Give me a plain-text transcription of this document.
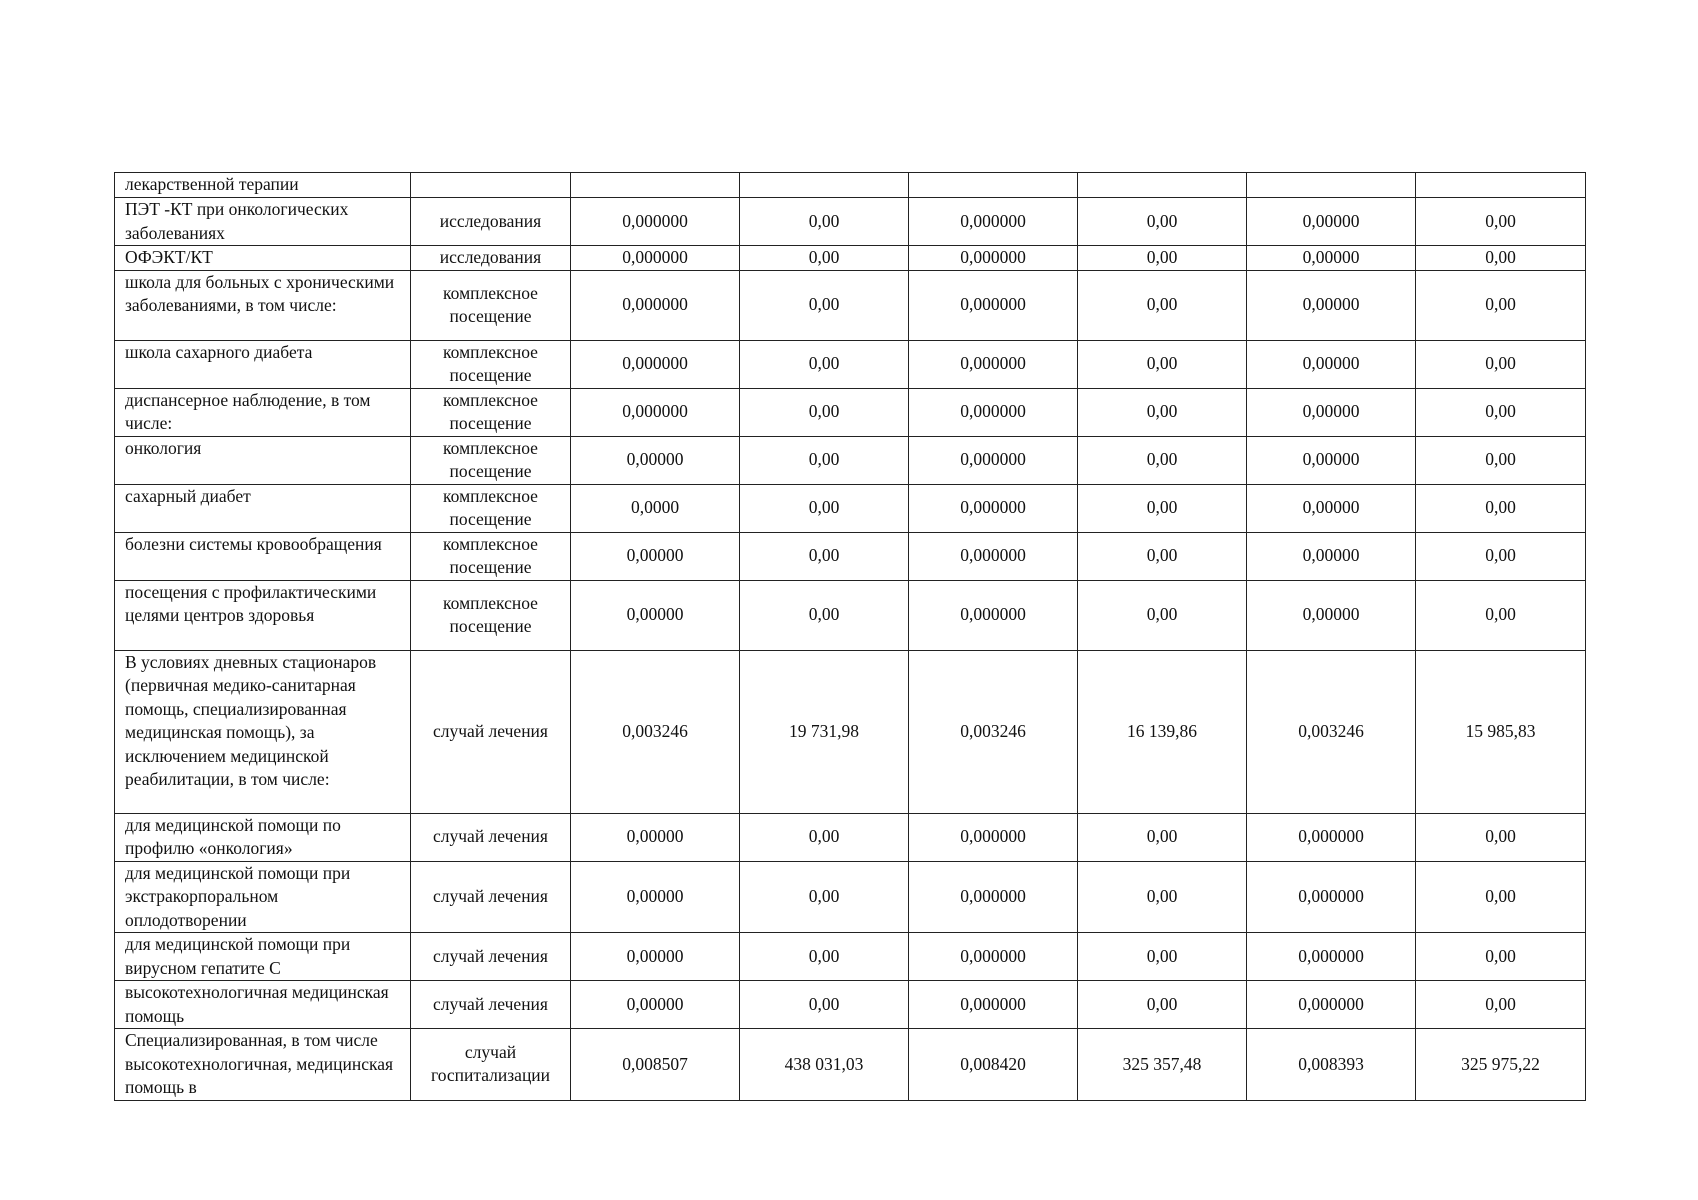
лекарственной терапии							
ПЭТ -КТ при онкологических заболеваниях	исследования	0,000000	0,00	0,000000	0,00	0,00000	0,00
ОФЭКТ/КТ	исследования	0,000000	0,00	0,000000	0,00	0,00000	0,00
школа для больных с хроническими заболеваниями, в том числе:	комплексное посещение	0,000000	0,00	0,000000	0,00	0,00000	0,00
школа сахарного диабета	комплексное посещение	0,000000	0,00	0,000000	0,00	0,00000	0,00
диспансерное наблюдение, в том числе:	комплексное посещение	0,000000	0,00	0,000000	0,00	0,00000	0,00
онкология	комплексное посещение	0,00000	0,00	0,000000	0,00	0,00000	0,00
сахарный диабет	комплексное посещение	0,0000	0,00	0,000000	0,00	0,00000	0,00
болезни системы кровообращения	комплексное посещение	0,00000	0,00	0,000000	0,00	0,00000	0,00
посещения с профилактическими целями центров здоровья	комплексное посещение	0,00000	0,00	0,000000	0,00	0,00000	0,00
В условиях дневных стационаров (первичная медико-санитарная помощь, специализированная медицинская помощь), за исключением медицинской реабилитации, в том числе:	случай лечения	0,003246	19 731,98	0,003246	16 139,86	0,003246	15 985,83
для медицинской помощи по профилю «онкология»	случай лечения	0,00000	0,00	0,000000	0,00	0,000000	0,00
для медицинской помощи при экстракорпоральном оплодотворении	случай лечения	0,00000	0,00	0,000000	0,00	0,000000	0,00
для медицинской помощи при вирусном гепатите С	случай лечения	0,00000	0,00	0,000000	0,00	0,000000	0,00
высокотехнологичная медицинская помощь	случай лечения	0,00000	0,00	0,000000	0,00	0,000000	0,00
Специализированная, в том числе высокотехнологичная, медицинская помощь в	случай госпитализации	0,008507	438 031,03	0,008420	325 357,48	0,008393	325 975,22
